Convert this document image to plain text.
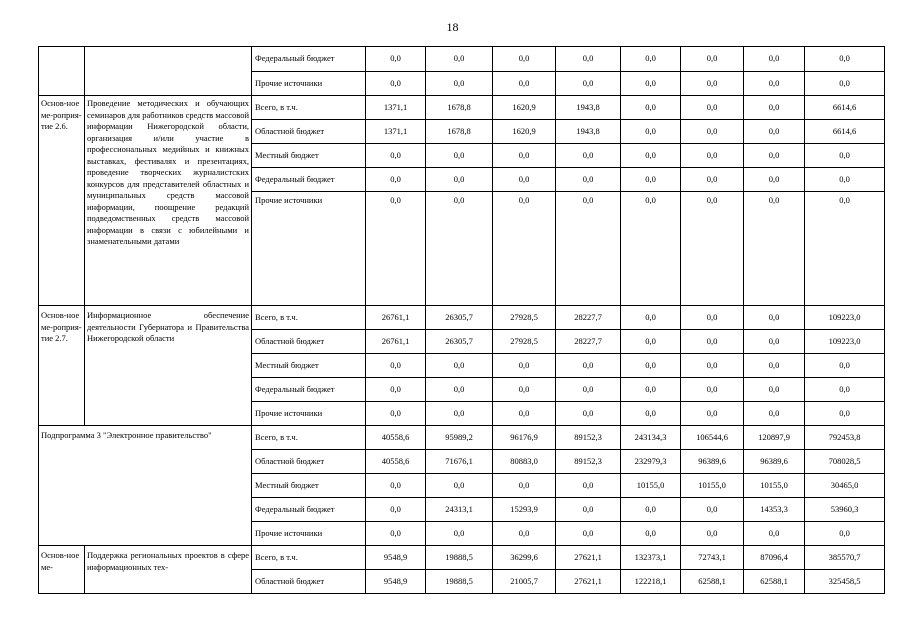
18
		Федеральный бюджет	0,0	0,0	0,0	0,0	0,0	0,0	0,0	0,0
		Прочие источники	0,0	0,0	0,0	0,0	0,0	0,0	0,0	0,0
Основ-ное ме-роприя-тие 2.6.	Проведение методических и обучающих семинаров для работников средств массовой информации Нижегородской области, организация и/или участие в профессиональных медийных и книжных выставках, фестивалях и презентациях, проведение творческих журналистских конкурсов для представителей областных и муниципальных средств массовой информации, поощрение редакций подведомственных средств массовой информации в связи с юбилейными и знаменательными датами	Всего, в т.ч.	1371,1	1678,8	1620,9	1943,8	0,0	0,0	0,0	6614,6
		Областной бюджет	1371,1	1678,8	1620,9	1943,8	0,0	0,0	0,0	6614,6
		Местный бюджет	0,0	0,0	0,0	0,0	0,0	0,0	0,0	0,0
		Федеральный бюджет	0,0	0,0	0,0	0,0	0,0	0,0	0,0	0,0
		Прочие источники	0,0	0,0	0,0	0,0	0,0	0,0	0,0	0,0
Основ-ное ме-роприя-тие 2.7.	Информационное обеспечение деятельности Губернатора и Правительства Нижегородской области	Всего, в т.ч.	26761,1	26305,7	27928,5	28227,7	0,0	0,0	0,0	109223,0
		Областной бюджет	26761,1	26305,7	27928,5	28227,7	0,0	0,0	0,0	109223,0
		Местный бюджет	0,0	0,0	0,0	0,0	0,0	0,0	0,0	0,0
		Федеральный бюджет	0,0	0,0	0,0	0,0	0,0	0,0	0,0	0,0
		Прочие источники	0,0	0,0	0,0	0,0	0,0	0,0	0,0	0,0
Подпрограмма 3 "Электронное правительство"		Всего, в т.ч.	40558,6	95989,2	96176,9	89152,3	243134,3	106544,6	120897,9	792453,8
		Областной бюджет	40558,6	71676,1	80883,0	89152,3	232979,3	96389,6	96389,6	708028,5
		Местный бюджет	0,0	0,0	0,0	0,0	10155,0	10155,0	10155,0	30465,0
		Федеральный бюджет	0,0	24313,1	15293,9	0,0	0,0	0,0	14353,3	53960,3
		Прочие источники	0,0	0,0	0,0	0,0	0,0	0,0	0,0	0,0
Основ-ное ме-	Поддержка региональных проектов в сфере информационных тех-	Всего, в т.ч.	9548,9	19888,5	36299,6	27621,1	132373,1	72743,1	87096,4	385570,7
		Областной бюджет	9548,9	19888,5	21005,7	27621,1	122218,1	62588,1	62588,1	325458,5
